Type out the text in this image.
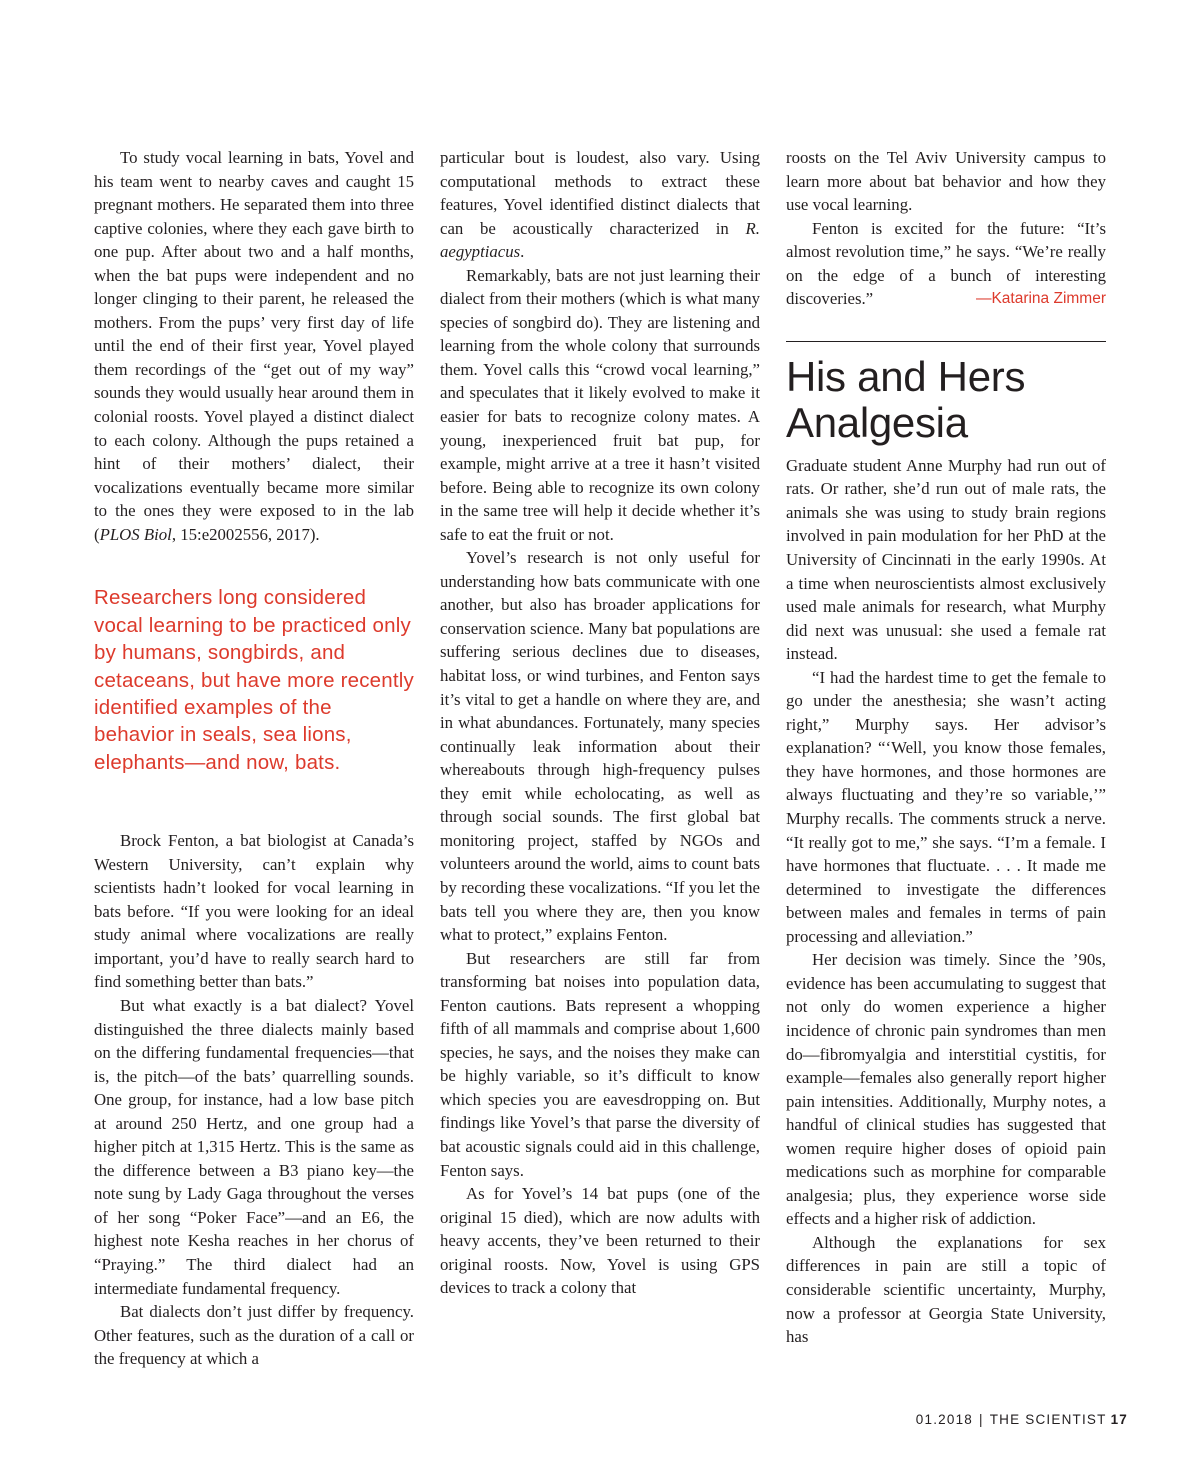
To study vocal learning in bats, Yovel and his team went to nearby caves and caught 15 pregnant mothers. He separated them into three captive colonies, where they each gave birth to one pup. After about two and a half months, when the bat pups were independent and no longer clinging to their parent, he released the mothers. From the pups’ very first day of life until the end of their first year, Yovel played them recordings of the “get out of my way” sounds they would usually hear around them in colonial roosts. Yovel played a distinct dialect to each colony. Although the pups retained a hint of their mothers’ dialect, their vocalizations eventually became more similar to the ones they were exposed to in the lab (PLOS Biol, 15:e2002556, 2017).

Researchers long considered vocal learning to be practiced only by humans, songbirds, and cetaceans, but have more recently identified examples of the behavior in seals, sea lions, elephants—and now, bats.

Brock Fenton, a bat biologist at Canada’s Western University, can’t explain why scientists hadn’t looked for vocal learning in bats before. “If you were looking for an ideal study animal where vocalizations are really important, you’d have to really search hard to find something better than bats.”

But what exactly is a bat dialect? Yovel distinguished the three dialects mainly based on the differing fundamental frequencies—that is, the pitch—of the bats’ quarrelling sounds. One group, for instance, had a low base pitch at around 250 Hertz, and one group had a higher pitch at 1,315 Hertz. This is the same as the difference between a B3 piano key—the note sung by Lady Gaga throughout the verses of her song “Poker Face”—and an E6, the highest note Kesha reaches in her chorus of “Praying.” The third dialect had an intermediate fundamental frequency.

Bat dialects don’t just differ by frequency. Other features, such as the duration of a call or the frequency at which a

particular bout is loudest, also vary. Using computational methods to extract these features, Yovel identified distinct dialects that can be acoustically characterized in R. aegyptiacus.

Remarkably, bats are not just learning their dialect from their mothers (which is what many species of songbird do). They are listening and learning from the whole colony that surrounds them. Yovel calls this “crowd vocal learning,” and speculates that it likely evolved to make it easier for bats to recognize colony mates. A young, inexperienced fruit bat pup, for example, might arrive at a tree it hasn’t visited before. Being able to recognize its own colony in the same tree will help it decide whether it’s safe to eat the fruit or not.

Yovel’s research is not only useful for understanding how bats communicate with one another, but also has broader applications for conservation science. Many bat populations are suffering serious declines due to diseases, habitat loss, or wind turbines, and Fenton says it’s vital to get a handle on where they are, and in what abundances. Fortunately, many species continually leak information about their whereabouts through high-frequency pulses they emit while echolocating, as well as through social sounds. The first global bat monitoring project, staffed by NGOs and volunteers around the world, aims to count bats by recording these vocalizations. “If you let the bats tell you where they are, then you know what to protect,” explains Fenton.

But researchers are still far from transforming bat noises into population data, Fenton cautions. Bats represent a whopping fifth of all mammals and comprise about 1,600 species, he says, and the noises they make can be highly variable, so it’s difficult to know which species you are eavesdropping on. But findings like Yovel’s that parse the diversity of bat acoustic signals could aid in this challenge, Fenton says.

As for Yovel’s 14 bat pups (one of the original 15 died), which are now adults with heavy accents, they’ve been returned to their original roosts. Now, Yovel is using GPS devices to track a colony that

roosts on the Tel Aviv University campus to learn more about bat behavior and how they use vocal learning.

Fenton is excited for the future: “It’s almost revolution time,” he says. “We’re really on the edge of a bunch of interesting discoveries.”	—Katarina Zimmer

His and Hers Analgesia

Graduate student Anne Murphy had run out of rats. Or rather, she’d run out of male rats, the animals she was using to study brain regions involved in pain modulation for her PhD at the University of Cincinnati in the early 1990s. At a time when neuroscientists almost exclusively used male animals for research, what Murphy did next was unusual: she used a female rat instead.

“I had the hardest time to get the female to go under the anesthesia; she wasn’t acting right,” Murphy says. Her advisor’s explanation? “‘Well, you know those females, they have hormones, and those hormones are always fluctuating and they’re so variable,’” Murphy recalls. The comments struck a nerve. “It really got to me,” she says. “I’m a female. I have hormones that fluctuate. . . . It made me determined to investigate the differences between males and females in terms of pain processing and alleviation.”

Her decision was timely. Since the ’90s, evidence has been accumulating to suggest that not only do women experience a higher incidence of chronic pain syndromes than men do—fibromyalgia and interstitial cystitis, for example—females also generally report higher pain intensities. Additionally, Murphy notes, a handful of clinical studies has suggested that women require higher doses of opioid pain medications such as morphine for comparable analgesia; plus, they experience worse side effects and a higher risk of addiction.

Although the explanations for sex differences in pain are still a topic of considerable scientific uncertainty, Murphy, now a professor at Georgia State University, has

01.2018 | THE SCIENTIST 17
